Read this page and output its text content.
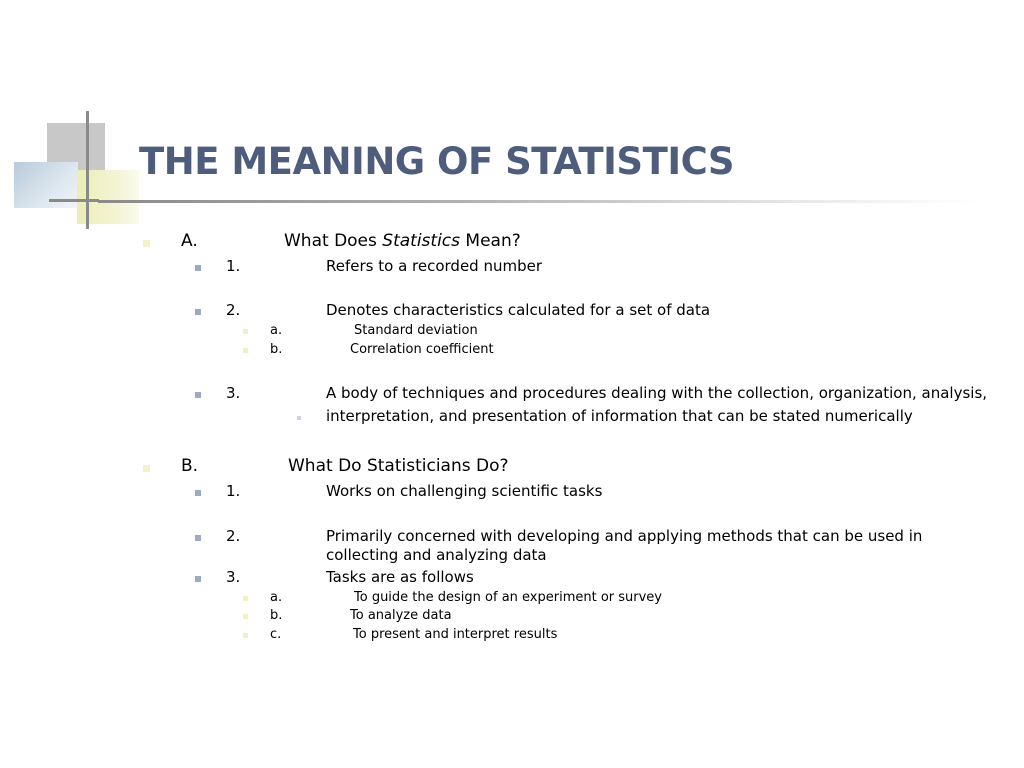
THE MEANING OF STATISTICS
A.	What Does Statistics Mean?
1.	Refers to a recorded number
2.	Denotes characteristics calculated for a set of data
a.	Standard deviation
b.	Correlation coefficient
3.	A body of techniques and procedures dealing with the collection, organization, analysis,
interpretation, and presentation of information that can be stated numerically
B.	What Do Statisticians Do?
1.	Works on challenging scientific tasks
2.	Primarily concerned with developing and applying methods that can be used in
collecting and analyzing data
3.	Tasks are as follows
a.	To guide the design of an experiment or survey
b.	To analyze data
c.	To present and interpret results
